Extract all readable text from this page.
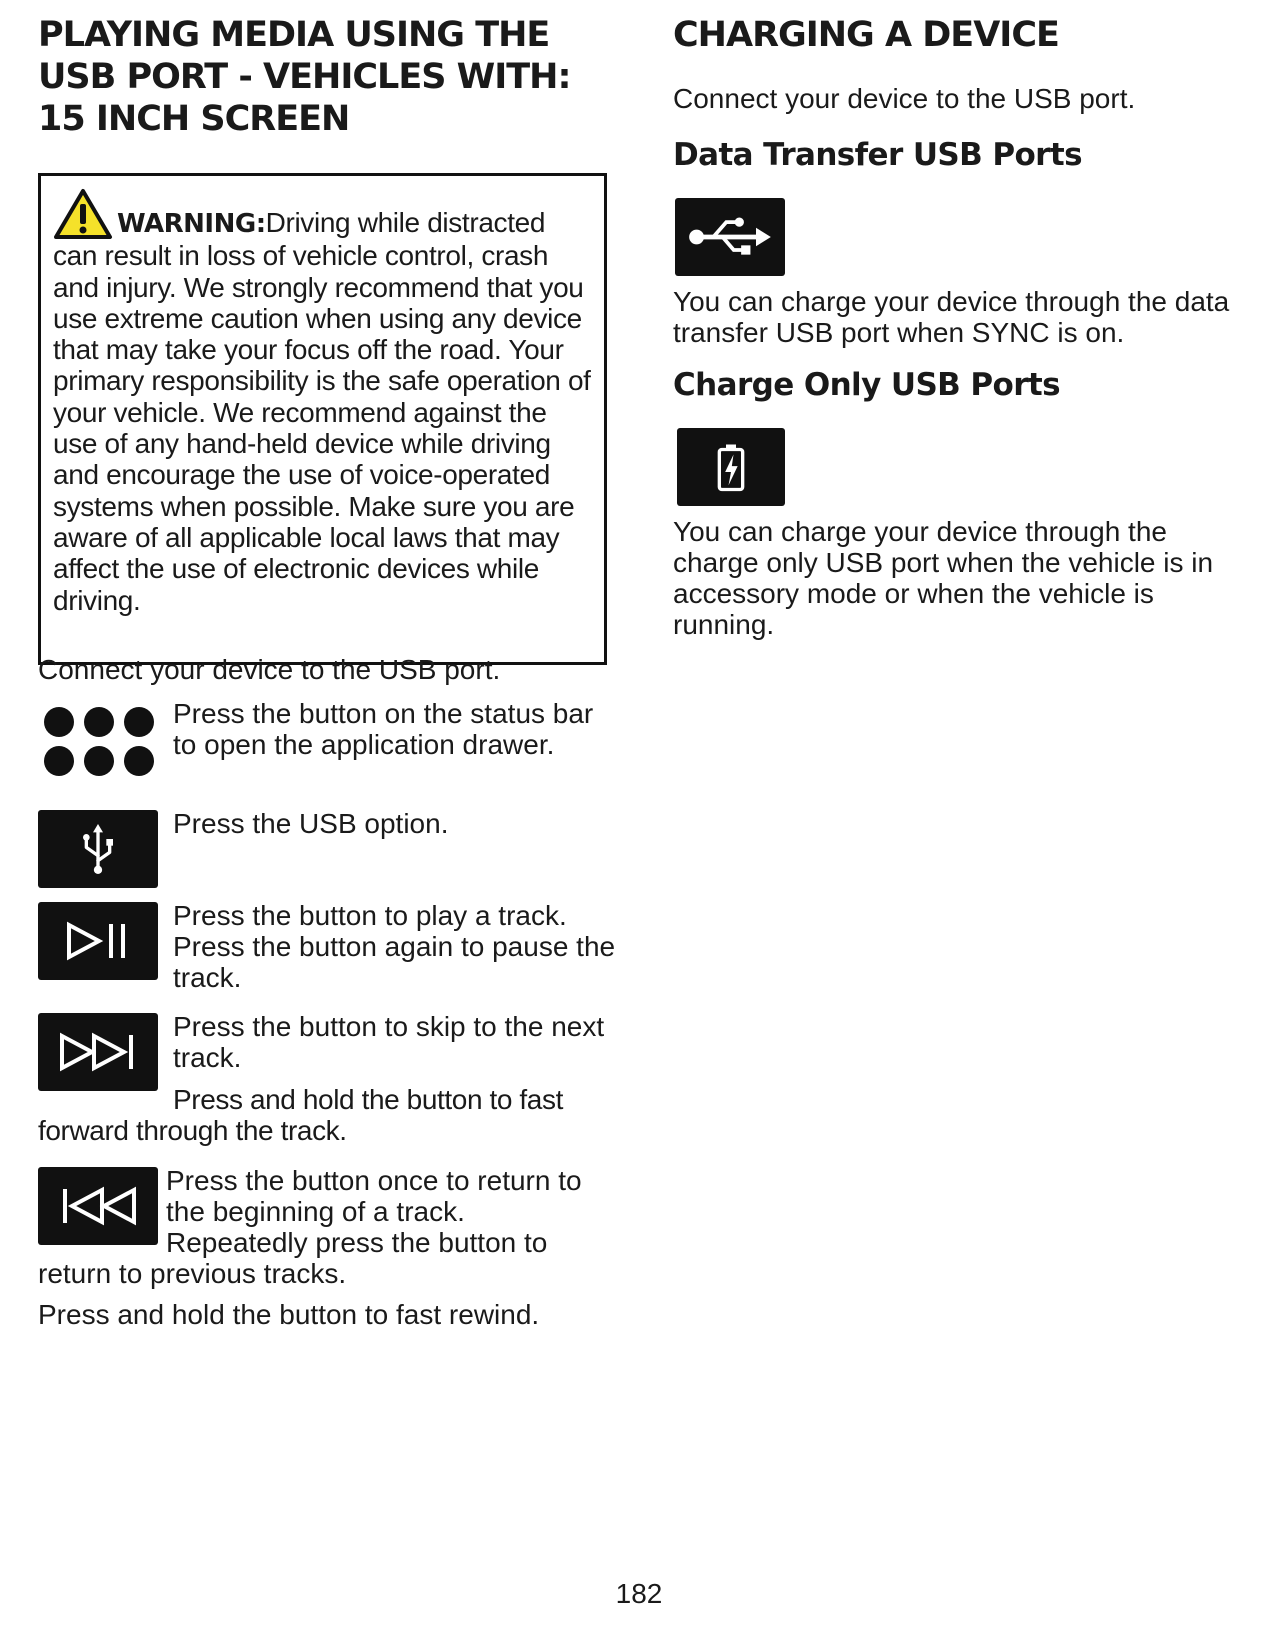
PLAYING MEDIA USING THE USB PORT - VEHICLES WITH: 15 INCH SCREEN

WARNING:Driving while distracted can result in loss of vehicle control, crash and injury. We strongly recommend that you use extreme caution when using any device that may take your focus off the road. Your primary responsibility is the safe operation of your vehicle. We recommend against the use of any hand-held device while driving and encourage the use of voice-operated systems when possible. Make sure you are aware of all applicable local laws that may affect the use of electronic devices while driving.

Connect your device to the USB port.

Press the button on the status bar to open the application drawer.

Press the USB option.

Press the button to play a track. Press the button again to pause the track.

Press the button to skip to the next track.

Press and hold the button to fast forward through the track.

Press the button once to return to the beginning of a track. Repeatedly press the button to return to previous tracks.

Press and hold the button to fast rewind.

CHARGING A DEVICE

Connect your device to the USB port.

Data Transfer USB Ports

You can charge your device through the data transfer USB port when SYNC is on.

Charge Only USB Ports

You can charge your device through the charge only USB port when the vehicle is in accessory mode or when the vehicle is running.

182
